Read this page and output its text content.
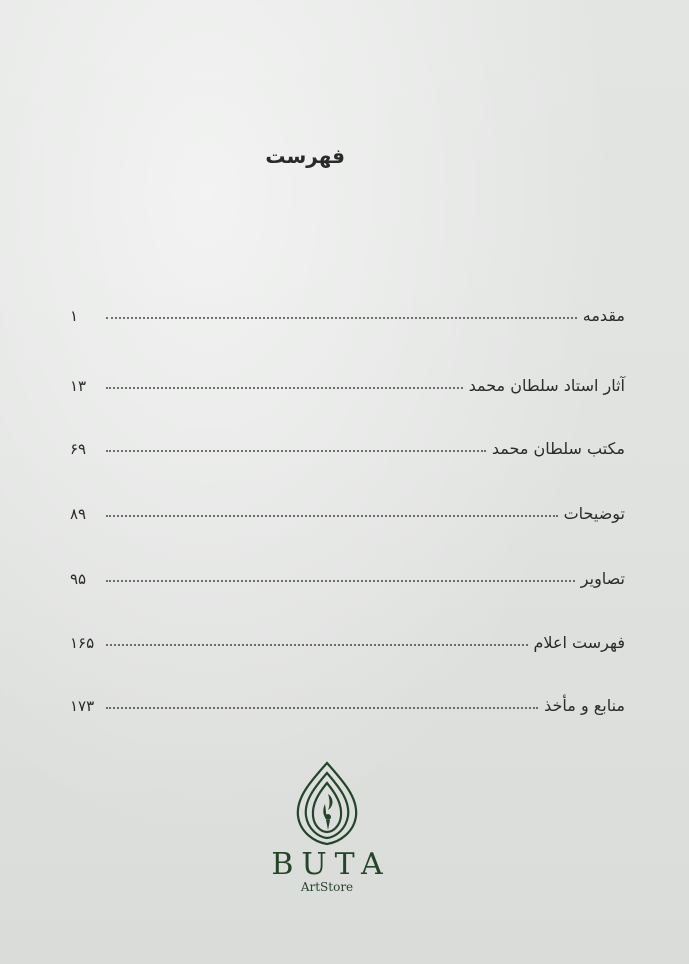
فهرست
مقدمه
۱
آثار استاد سلطان محمد
۱۳
مکتب سلطان محمد
۶۹
توضیحات
۸۹
تصاویر
۹۵
فهرست اعلام
۱۶۵
منابع و مأخذ
۱۷۳
BUTA
ArtStore
